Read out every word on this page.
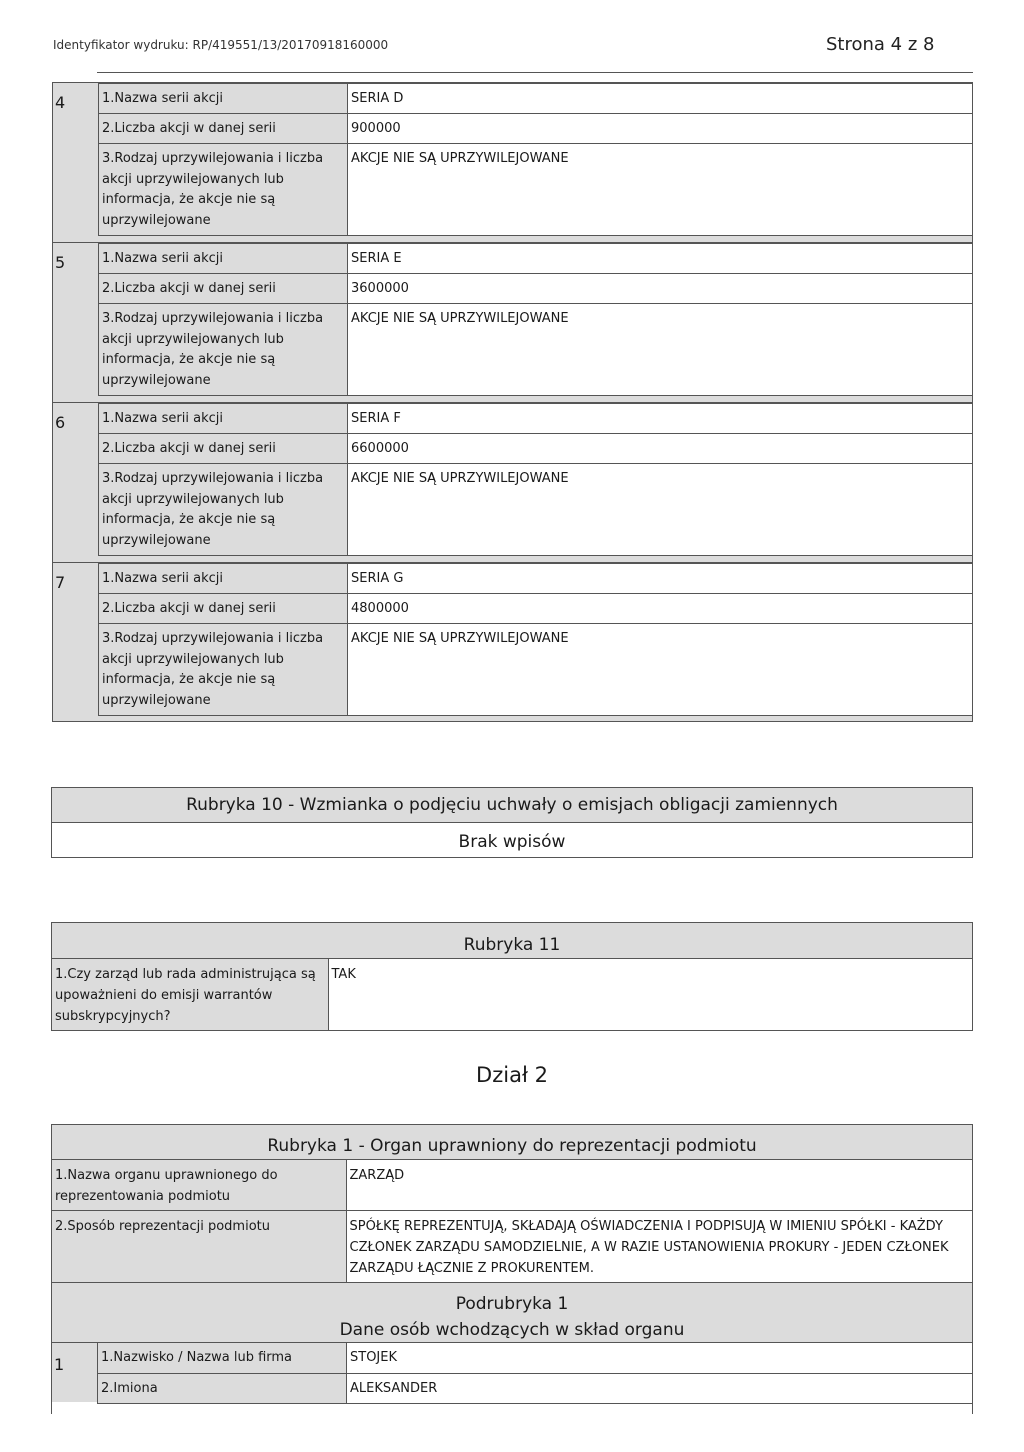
Identyfikator wydruku: RP/419551/13/20170918160000	Strona 4 z 8
4	1.Nazwa serii akcji	SERIA D
2.Liczba akcji w danej serii	900000
3.Rodzaj uprzywilejowania i liczba akcji uprzywilejowanych lub informacja, że akcje nie są uprzywilejowane	AKCJE NIE SĄ UPRZYWILEJOWANE
5	1.Nazwa serii akcji	SERIA E
2.Liczba akcji w danej serii	3600000
3.Rodzaj uprzywilejowania i liczba akcji uprzywilejowanych lub informacja, że akcje nie są uprzywilejowane	AKCJE NIE SĄ UPRZYWILEJOWANE
6	1.Nazwa serii akcji	SERIA F
2.Liczba akcji w danej serii	6600000
3.Rodzaj uprzywilejowania i liczba akcji uprzywilejowanych lub informacja, że akcje nie są uprzywilejowane	AKCJE NIE SĄ UPRZYWILEJOWANE
7	1.Nazwa serii akcji	SERIA G
2.Liczba akcji w danej serii	4800000
3.Rodzaj uprzywilejowania i liczba akcji uprzywilejowanych lub informacja, że akcje nie są uprzywilejowane	AKCJE NIE SĄ UPRZYWILEJOWANE
Rubryka 10 - Wzmianka o podjęciu uchwały o emisjach obligacji zamiennych
Brak wpisów
Rubryka 11
1.Czy zarząd lub rada administrująca są upoważnieni do emisji warrantów subskrypcyjnych?	TAK
Dział 2
Rubryka 1 - Organ uprawniony do reprezentacji podmiotu
1.Nazwa organu uprawnionego do reprezentowania podmiotu	ZARZĄD
2.Sposób reprezentacji podmiotu	SPÓŁKĘ REPREZENTUJĄ, SKŁADAJĄ OŚWIADCZENIA I PODPISUJĄ W IMIENIU SPÓŁKI - KAŻDY CZŁONEK ZARZĄDU SAMODZIELNIE, A W RAZIE USTANOWIENIA PROKURY - JEDEN CZŁONEK ZARZĄDU ŁĄCZNIE Z PROKURENTEM.
Podrubryka 1
Dane osób wchodzących w skład organu
1	1.Nazwisko / Nazwa lub firma	STOJEK
2.Imiona	ALEKSANDER
